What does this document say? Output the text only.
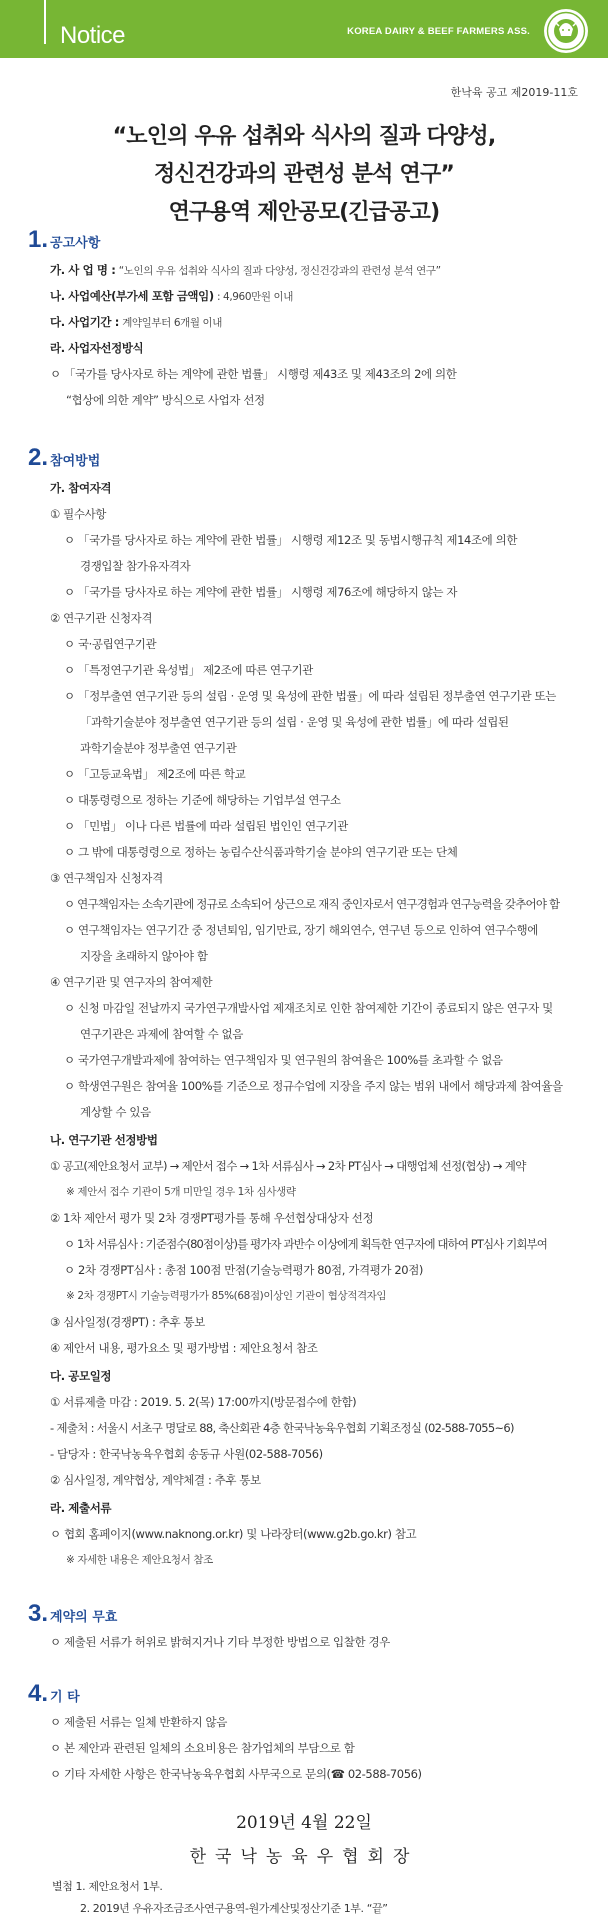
Notice	KOREA DAIRY & BEEF FARMERS ASS.
한낙육 공고 제2019-11호
“노인의 우유 섭취와 식사의 질과 다양성,
정신건강과의 관련성 분석 연구”
연구용역 제안공모(긴급공고)
1. 공고사항
가. 사 업 명 : “노인의 우유 섭취와 식사의 질과 다양성, 정신건강과의 관련성 분석 연구”
나. 사업예산(부가세 포함 금액임) : 4,960만원 이내
다. 사업기간 : 계약일부터 6개월 이내
라. 사업자선정방식
ㅇ 「국가를 당사자로 하는 계약에 관한 법률」 시행령 제43조 및 제43조의 2에 의한
“협상에 의한 계약” 방식으로 사업자 선정
2. 참여방법
가. 참여자격
① 필수사항
ㅇ 「국가를 당사자로 하는 계약에 관한 법률」 시행령 제12조 및 동법시행규칙 제14조에 의한
경쟁입찰 참가유자격자
ㅇ 「국가를 당사자로 하는 계약에 관한 법률」 시행령 제76조에 해당하지 않는 자
② 연구기관 신청자격
ㅇ 국·공립연구기관
ㅇ 「특정연구기관 육성법」 제2조에 따른 연구기관
ㅇ 「정부출연 연구기관 등의 설립 · 운영 및 육성에 관한 법률」에 따라 설립된 정부출연 연구기관 또는
「과학기술분야 정부출연 연구기관 등의 설립 · 운영 및 육성에 관한 법률」에 따라 설립된
과학기술분야 정부출연 연구기관
ㅇ 「고등교육법」 제2조에 따른 학교
ㅇ 대통령령으로 정하는 기준에 해당하는 기업부설 연구소
ㅇ 「민법」 이나 다른 법률에 따라 설립된 법인인 연구기관
ㅇ 그 밖에 대통령령으로 정하는 농림수산식품과학기술 분야의 연구기관 또는 단체
③ 연구책임자 신청자격
ㅇ 연구책임자는 소속기관에 정규로 소속되어 상근으로 재직 중인자로서 연구경험과 연구능력을 갖추어야 함
ㅇ 연구책임자는 연구기간 중 정년퇴임, 임기만료, 장기 해외연수, 연구년 등으로 인하여 연구수행에
지장을 초래하지 않아야 함
④ 연구기관 및 연구자의 참여제한
ㅇ 신청 마감일 전날까지 국가연구개발사업 제재조치로 인한 참여제한 기간이 종료되지 않은 연구자 및
연구기관은 과제에 참여할 수 없음
ㅇ 국가연구개발과제에 참여하는 연구책임자 및 연구원의 참여율은 100%를 초과할 수 없음
ㅇ 학생연구원은 참여율 100%를 기준으로 정규수업에 지장을 주지 않는 범위 내에서 해당과제 참여율을
계상할 수 있음
나. 연구기관 선정방법
① 공고(제안요청서 교부) → 제안서 접수 → 1차 서류심사 → 2차 PT심사 → 대행업체 선정(협상) → 계약
※ 제안서 접수 기관이 5개 미만일 경우 1차 심사생략
② 1차 제안서 평가 및 2차 경쟁PT평가를 통해 우선협상대상자 선정
ㅇ 1차 서류심사 : 기준점수(80점이상)를 평가자 과반수 이상에게 획득한 연구자에 대하여 PT심사 기회부여
ㅇ 2차 경쟁PT심사 : 총점 100점 만점(기술능력평가 80점, 가격평가 20점)
※ 2차 경쟁PT시 기술능력평가가 85%(68점)이상인 기관이 협상적격자임
③ 심사일정(경쟁PT) : 추후 통보
④ 제안서 내용, 평가요소 및 평가방법 : 제안요청서 참조
다. 공모일정
① 서류제출 마감 : 2019. 5. 2(목) 17:00까지(방문접수에 한함)
- 제출처 : 서울시 서초구 명달로 88, 축산회관 4층 한국낙농육우협회 기획조정실 (02-588-7055~6)
- 담당자 : 한국낙농육우협회 송동규 사원(02-588-7056)
② 심사일정, 계약협상, 계약체결 : 추후 통보
라. 제출서류
ㅇ 협회 홈페이지(www.naknong.or.kr) 및 나라장터(www.g2b.go.kr) 참고
※ 자세한 내용은 제안요청서 참조
3. 계약의 무효
ㅇ 제출된 서류가 허위로 밝혀지거나 기타 부정한 방법으로 입찰한 경우
4. 기 타
ㅇ 제출된 서류는 일체 반환하지 않음
ㅇ 본 제안과 관련된 일체의 소요비용은 참가업체의 부담으로 함
ㅇ 기타 자세한 사항은 한국낙농육우협회 사무국으로 문의(☎ 02-588-7056)
2019년 4월 22일
한국낙농육우협회장
별첨 1. 제안요청서 1부.
2. 2019년 우유자조금조사연구용역-원가계산및정산기준 1부. “끝”
